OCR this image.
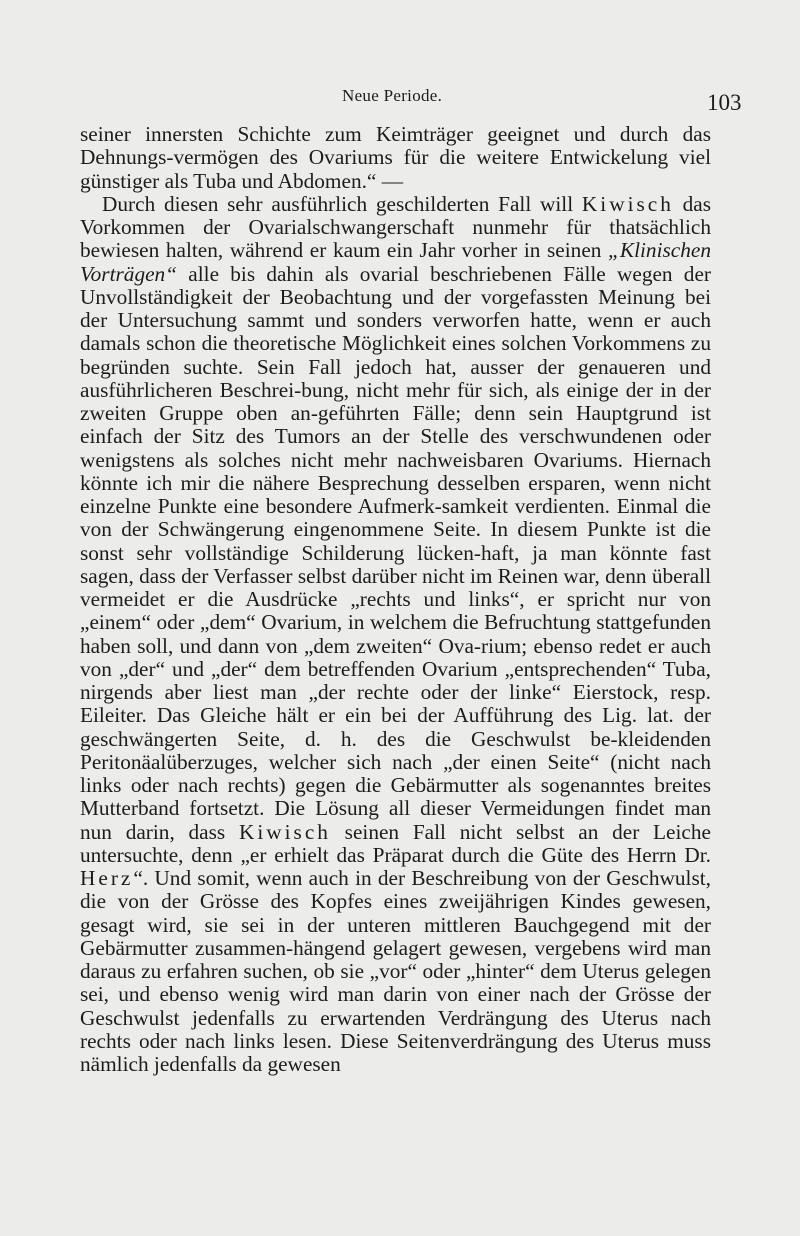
Neue Periode.	103

seiner innersten Schichte zum Keimträger geeignet und durch das Dehnungs-vermögen des Ovariums für die weitere Entwickelung viel günstiger als Tuba und Abdomen.“ —

Durch diesen sehr ausführlich geschilderten Fall will Kiwisch das Vorkommen der Ovarialschwangerschaft nunmehr für thatsächlich bewiesen halten, während er kaum ein Jahr vorher in seinen „Klinischen Vorträgen“ alle bis dahin als ovarial beschriebenen Fälle wegen der Unvollständigkeit der Beobachtung und der vorgefassten Meinung bei der Untersuchung sammt und sonders verworfen hatte, wenn er auch damals schon die theoretische Möglichkeit eines solchen Vorkommens zu begründen suchte. Sein Fall jedoch hat, ausser der genaueren und ausführlicheren Beschrei-bung, nicht mehr für sich, als einige der in der zweiten Gruppe oben an-geführten Fälle; denn sein Hauptgrund ist einfach der Sitz des Tumors an der Stelle des verschwundenen oder wenigstens als solches nicht mehr nachweisbaren Ovariums. Hiernach könnte ich mir die nähere Besprechung desselben ersparen, wenn nicht einzelne Punkte eine besondere Aufmerk-samkeit verdienten. Einmal die von der Schwängerung eingenommene Seite. In diesem Punkte ist die sonst sehr vollständige Schilderung lücken-haft, ja man könnte fast sagen, dass der Verfasser selbst darüber nicht im Reinen war, denn überall vermeidet er die Ausdrücke „rechts und links“, er spricht nur von „einem“ oder „dem“ Ovarium, in welchem die Befruchtung stattgefunden haben soll, und dann von „dem zweiten“ Ova-rium; ebenso redet er auch von „der“ und „der“ dem betreffenden Ovarium „entsprechenden“ Tuba, nirgends aber liest man „der rechte oder der linke“ Eierstock, resp. Eileiter. Das Gleiche hält er ein bei der Aufführung des Lig. lat. der geschwängerten Seite, d. h. des die Geschwulst be-kleidenden Peritonäalüberzuges, welcher sich nach „der einen Seite“ (nicht nach links oder nach rechts) gegen die Gebärmutter als sogenanntes breites Mutterband fortsetzt. Die Lösung all dieser Vermeidungen findet man nun darin, dass Kiwisch seinen Fall nicht selbst an der Leiche untersuchte, denn „er erhielt das Präparat durch die Güte des Herrn Dr. Herz“. Und somit, wenn auch in der Beschreibung von der Geschwulst, die von der Grösse des Kopfes eines zweijährigen Kindes gewesen, gesagt wird, sie sei in der unteren mittleren Bauchgegend mit der Gebärmutter zusammen-hängend gelagert gewesen, vergebens wird man daraus zu erfahren suchen, ob sie „vor“ oder „hinter“ dem Uterus gelegen sei, und ebenso wenig wird man darin von einer nach der Grösse der Geschwulst jedenfalls zu erwartenden Verdrängung des Uterus nach rechts oder nach links lesen. Diese Seitenverdrängung des Uterus muss nämlich jedenfalls da gewesen
